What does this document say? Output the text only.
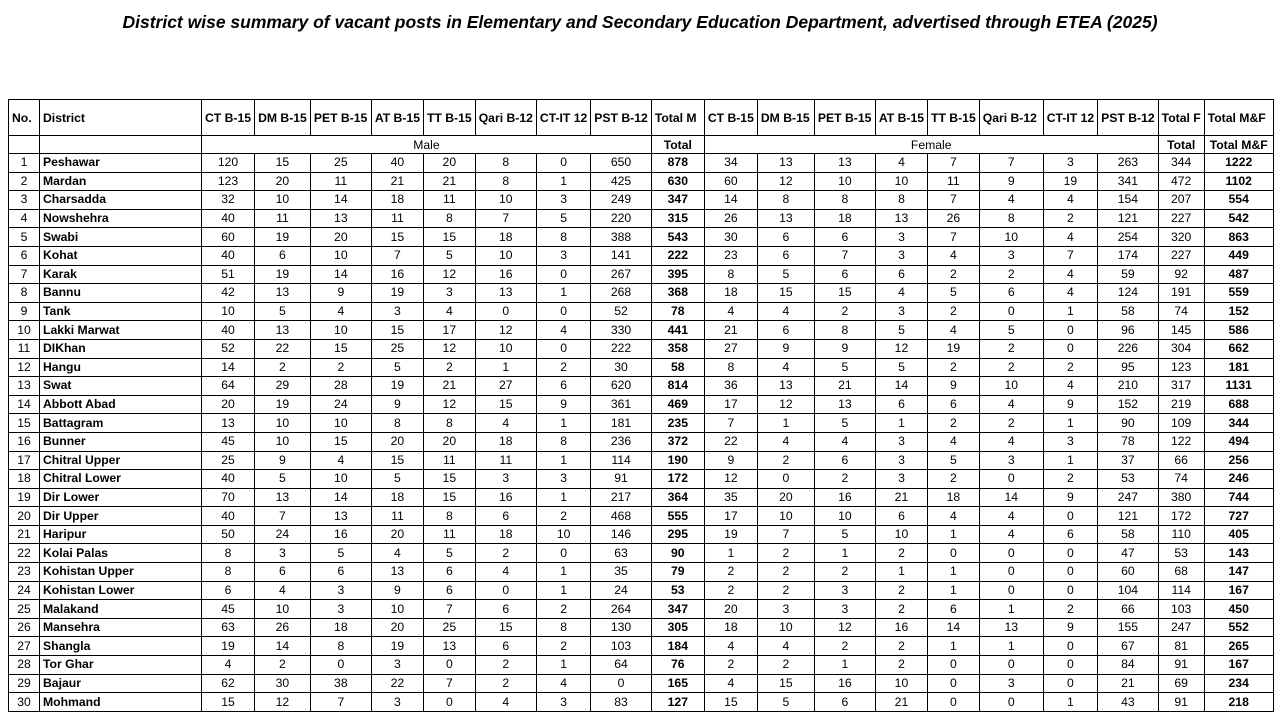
District wise summary of vacant posts in Elementary and Secondary Education Department, advertised through ETEA (2025)
No.	District	CT B-15	DM B-15	PET B-15	AT B-15	TT B-15	Qari B-12	CT-IT 12	PST B-12	Total M	CT B-15	DM B-15	PET B-15	AT B-15	TT B-15	Qari B-12	CT-IT 12	PST B-12	Total F	Total M&F
		Male								Total	Female								Total	Total M&F
1	Peshawar	120	15	25	40	20	8	0	650	878	34	13	13	4	7	7	3	263	344	1222
2	Mardan	123	20	11	21	21	8	1	425	630	60	12	10	10	11	9	19	341	472	1102
3	Charsadda	32	10	14	18	11	10	3	249	347	14	8	8	8	7	4	4	154	207	554
4	Nowshehra	40	11	13	11	8	7	5	220	315	26	13	18	13	26	8	2	121	227	542
5	Swabi	60	19	20	15	15	18	8	388	543	30	6	6	3	7	10	4	254	320	863
6	Kohat	40	6	10	7	5	10	3	141	222	23	6	7	3	4	3	7	174	227	449
7	Karak	51	19	14	16	12	16	0	267	395	8	5	6	6	2	2	4	59	92	487
8	Bannu	42	13	9	19	3	13	1	268	368	18	15	15	4	5	6	4	124	191	559
9	Tank	10	5	4	3	4	0	0	52	78	4	4	2	3	2	0	1	58	74	152
10	Lakki Marwat	40	13	10	15	17	12	4	330	441	21	6	8	5	4	5	0	96	145	586
11	DIKhan	52	22	15	25	12	10	0	222	358	27	9	9	12	19	2	0	226	304	662
12	Hangu	14	2	2	5	2	1	2	30	58	8	4	5	5	2	2	2	95	123	181
13	Swat	64	29	28	19	21	27	6	620	814	36	13	21	14	9	10	4	210	317	1131
14	Abbott Abad	20	19	24	9	12	15	9	361	469	17	12	13	6	6	4	9	152	219	688
15	Battagram	13	10	10	8	8	4	1	181	235	7	1	5	1	2	2	1	90	109	344
16	Bunner	45	10	15	20	20	18	8	236	372	22	4	4	3	4	4	3	78	122	494
17	Chitral Upper	25	9	4	15	11	11	1	114	190	9	2	6	3	5	3	1	37	66	256
18	Chitral Lower	40	5	10	5	15	3	3	91	172	12	0	2	3	2	0	2	53	74	246
19	Dir Lower	70	13	14	18	15	16	1	217	364	35	20	16	21	18	14	9	247	380	744
20	Dir Upper	40	7	13	11	8	6	2	468	555	17	10	10	6	4	4	0	121	172	727
21	Haripur	50	24	16	20	11	18	10	146	295	19	7	5	10	1	4	6	58	110	405
22	Kolai Palas	8	3	5	4	5	2	0	63	90	1	2	1	2	0	0	0	47	53	143
23	Kohistan Upper	8	6	6	13	6	4	1	35	79	2	2	2	1	1	0	0	60	68	147
24	Kohistan Lower	6	4	3	9	6	0	1	24	53	2	2	3	2	1	0	0	104	114	167
25	Malakand	45	10	3	10	7	6	2	264	347	20	3	3	2	6	1	2	66	103	450
26	Mansehra	63	26	18	20	25	15	8	130	305	18	10	12	16	14	13	9	155	247	552
27	Shangla	19	14	8	19	13	6	2	103	184	4	4	2	2	1	1	0	67	81	265
28	Tor Ghar	4	2	0	3	0	2	1	64	76	2	2	1	2	0	0	0	84	91	167
29	Bajaur	62	30	38	22	7	2	4	0	165	4	15	16	10	0	3	0	21	69	234
30	Mohmand	15	12	7	3	0	4	3	83	127	15	5	6	21	0	0	1	43	91	218
